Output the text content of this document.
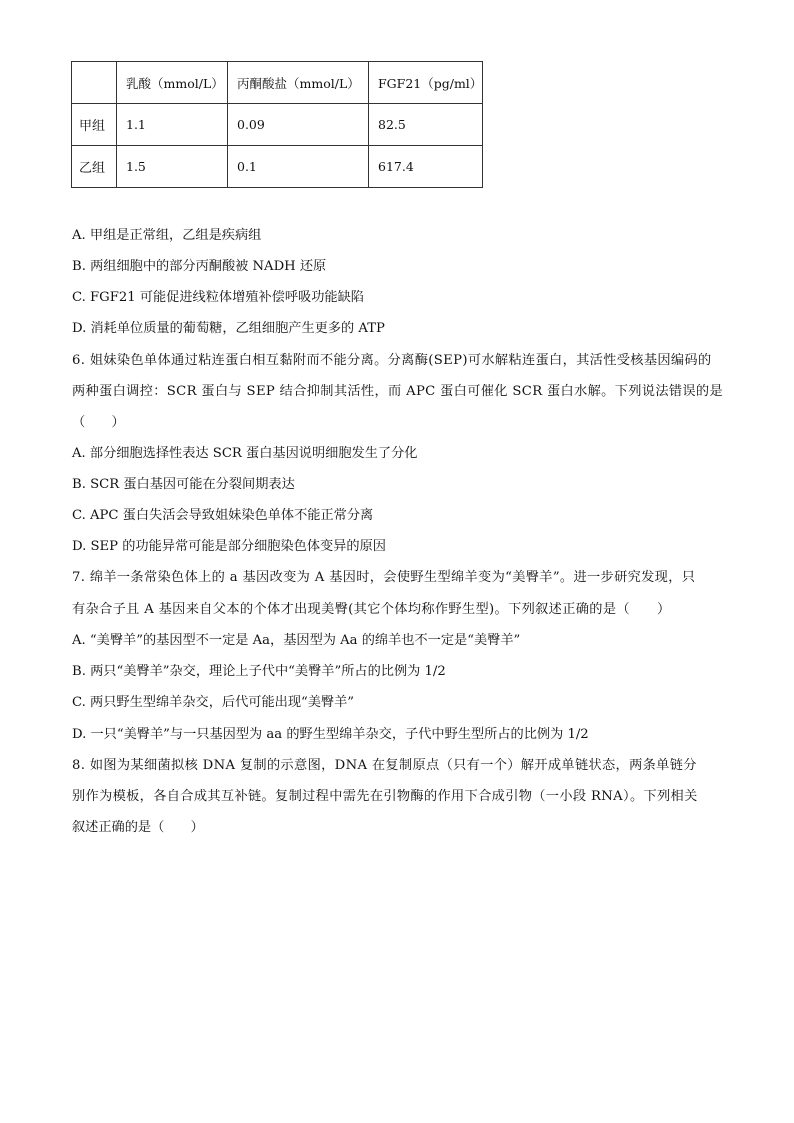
	乳酸（mmol/L）	丙酮酸盐（mmol/L）	FGF21（pg/ml）
甲组	1.1	0.09	82.5
乙组	1.5	0.1	617.4
A. 甲组是正常组，乙组是疾病组
B. 两组细胞中的部分丙酮酸被 NADH 还原
C. FGF21 可能促进线粒体增殖补偿呼吸功能缺陷
D. 消耗单位质量的葡萄糖，乙组细胞产生更多的 ATP
6. 姐妹染色单体通过粘连蛋白相互黏附而不能分离。分离酶(SEP)可水解粘连蛋白，其活性受核基因编码的
两种蛋白调控：SCR 蛋白与 SEP 结合抑制其活性，而 APC 蛋白可催化 SCR 蛋白水解。下列说法错误的是
（　　）
A. 部分细胞选择性表达 SCR 蛋白基因说明细胞发生了分化
B. SCR 蛋白基因可能在分裂间期表达
C. APC 蛋白失活会导致姐妹染色单体不能正常分离
D. SEP 的功能异常可能是部分细胞染色体变异的原因
7. 绵羊一条常染色体上的 a 基因改变为 A 基因时，会使野生型绵羊变为“美臀羊”。进一步研究发现，只
有杂合子且 A 基因来自父本的个体才出现美臀(其它个体均称作野生型)。下列叙述正确的是（　　）
A. “美臀羊”的基因型不一定是 Aa，基因型为 Aa 的绵羊也不一定是“美臀羊”
B. 两只“美臀羊”杂交，理论上子代中“美臀羊”所占的比例为 1/2
C. 两只野生型绵羊杂交，后代可能出现“美臀羊”
D. 一只“美臀羊”与一只基因型为 aa 的野生型绵羊杂交，子代中野生型所占的比例为 1/2
8. 如图为某细菌拟核 DNA 复制的示意图，DNA 在复制原点（只有一个）解开成单链状态，两条单链分
别作为模板，各自合成其互补链。复制过程中需先在引物酶的作用下合成引物（一小段 RNA）。下列相关
叙述正确的是（　　）
